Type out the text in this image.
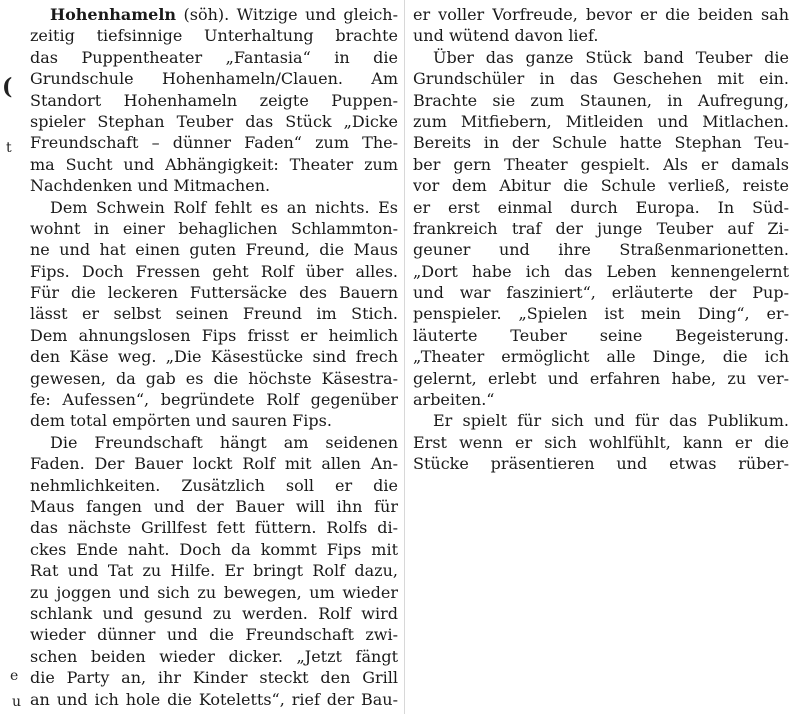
Hohenhameln (söh). Witzige und gleich-
zeitig tiefsinnige Unterhaltung brachte
das Puppentheater „Fantasia“ in die
Grundschule Hohenhameln/Clauen. Am
Standort Hohenhameln zeigte Puppen-
spieler Stephan Teuber das Stück „Dicke
Freundschaft – dünner Faden“ zum The-
ma Sucht und Abhängigkeit: Theater zum
Nachdenken und Mitmachen.
Dem Schwein Rolf fehlt es an nichts. Es
wohnt in einer behaglichen Schlammton-
ne und hat einen guten Freund, die Maus
Fips. Doch Fressen geht Rolf über alles.
Für die leckeren Futtersäcke des Bauern
lässt er selbst seinen Freund im Stich.
Dem ahnungslosen Fips frisst er heimlich
den Käse weg. „Die Käsestücke sind frech
gewesen, da gab es die höchste Käsestra-
fe: Aufessen“, begründete Rolf gegenüber
dem total empörten und sauren Fips.
Die Freundschaft hängt am seidenen
Faden. Der Bauer lockt Rolf mit allen An-
nehmlichkeiten. Zusätzlich soll er die
Maus fangen und der Bauer will ihn für
das nächste Grillfest fett füttern. Rolfs di-
ckes Ende naht. Doch da kommt Fips mit
Rat und Tat zu Hilfe. Er bringt Rolf dazu,
zu joggen und sich zu bewegen, um wieder
schlank und gesund zu werden. Rolf wird
wieder dünner und die Freundschaft zwi-
schen beiden wieder dicker. „Jetzt fängt
die Party an, ihr Kinder steckt den Grill
an und ich hole die Koteletts“, rief der Bau-
er voller Vorfreude, bevor er die beiden sah
und wütend davon lief.
Über das ganze Stück band Teuber die
Grundschüler in das Geschehen mit ein.
Brachte sie zum Staunen, in Aufregung,
zum Mitfiebern, Mitleiden und Mitlachen.
Bereits in der Schule hatte Stephan Teu-
ber gern Theater gespielt. Als er damals
vor dem Abitur die Schule verließ, reiste
er erst einmal durch Europa. In Süd-
frankreich traf der junge Teuber auf Zi-
geuner und ihre Straßenmarionetten.
„Dort habe ich das Leben kennengelernt
und war fasziniert“, erläuterte der Pup-
penspieler. „Spielen ist mein Ding“, er-
läuterte Teuber seine Begeisterung.
„Theater ermöglicht alle Dinge, die ich
gelernt, erlebt und erfahren habe, zu ver-
arbeiten.“
Er spielt für sich und für das Publikum.
Erst wenn er sich wohlfühlt, kann er die
Stücke präsentieren und etwas rüber-
(
t
e
u
